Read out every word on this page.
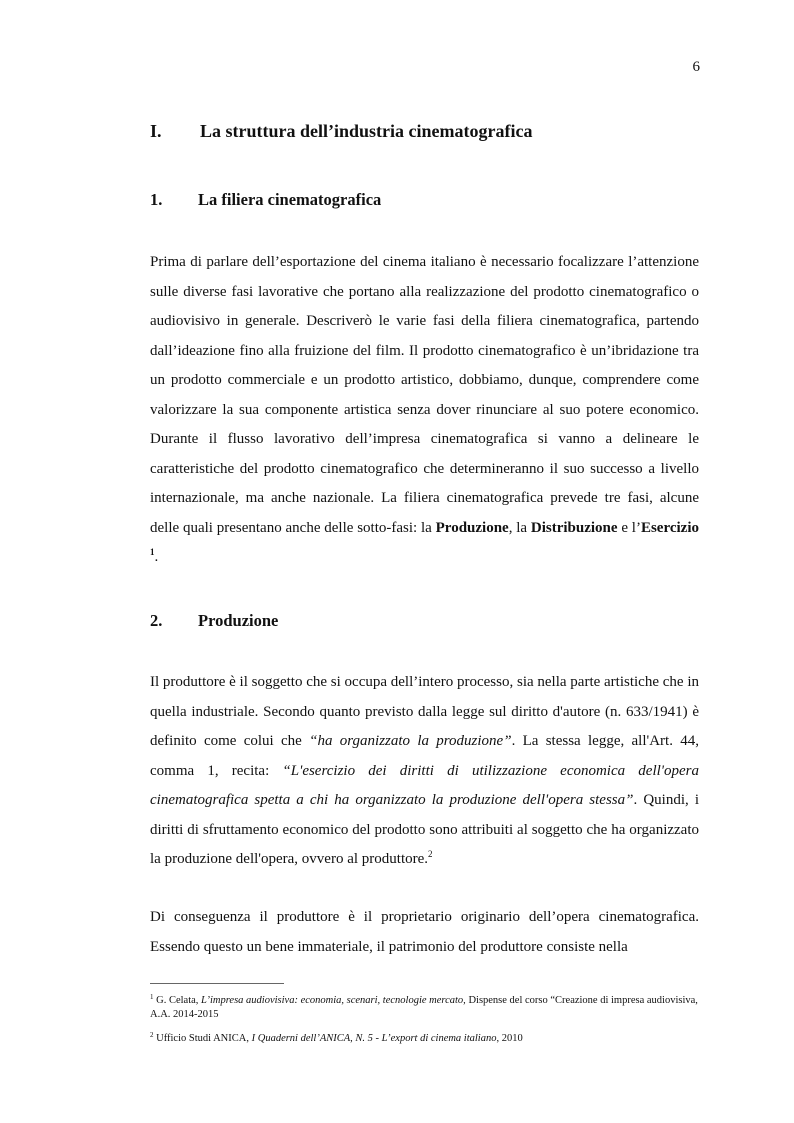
6
I. La struttura dell’industria cinematografica
1. La filiera cinematografica

Prima di parlare dell’esportazione del cinema italiano è necessario focalizzare l’attenzione sulle diverse fasi lavorative che portano alla realizzazione del prodotto cinematografico o audiovisivo in generale. Descriverò le varie fasi della filiera cinematografica, partendo dall’ideazione fino alla fruizione del film. Il prodotto cinematografico è un’ibridazione tra un prodotto commerciale e un prodotto artistico, dobbiamo, dunque, comprendere come valorizzare la sua componente artistica senza dover rinunciare al suo potere economico. Durante il flusso lavorativo dell’impresa cinematografica si vanno a delineare le caratteristiche del prodotto cinematografico che determineranno il suo successo a livello internazionale, ma anche nazionale. La filiera cinematografica prevede tre fasi, alcune delle quali presentano anche delle sotto-fasi: la Produzione, la Distribuzione e l’Esercizio $^1$.

2. Produzione

Il produttore è il soggetto che si occupa dell’intero processo, sia nella parte artistiche che in quella industriale. Secondo quanto previsto dalla legge sul diritto d'autore (n. 633/1941) è definito come colui che “ha organizzato la produzione”. La stessa legge, all'Art. 44, comma 1, recita: “L'esercizio dei diritti di utilizzazione economica dell'opera cinematografica spetta a chi ha organizzato la produzione dell'opera stessa”. Quindi, i diritti di sfruttamento economico del prodotto sono attribuiti al soggetto che ha organizzato la produzione dell'opera, ovvero al produttore.$^2$

Di conseguenza il produttore è il proprietario originario dell’opera cinematografica. Essendo questo un bene immateriale, il patrimonio del produttore consiste nella

$^1$ G. Celata, L’impresa audiovisiva: economia, scenari, tecnologie mercato, Dispense del corso “Creazione di impresa audiovisiva, A.A. 2014-2015

$^2$ Ufficio Studi ANICA, I Quaderni dell’ANICA, N. 5 - L’export di cinema italiano, 2010
